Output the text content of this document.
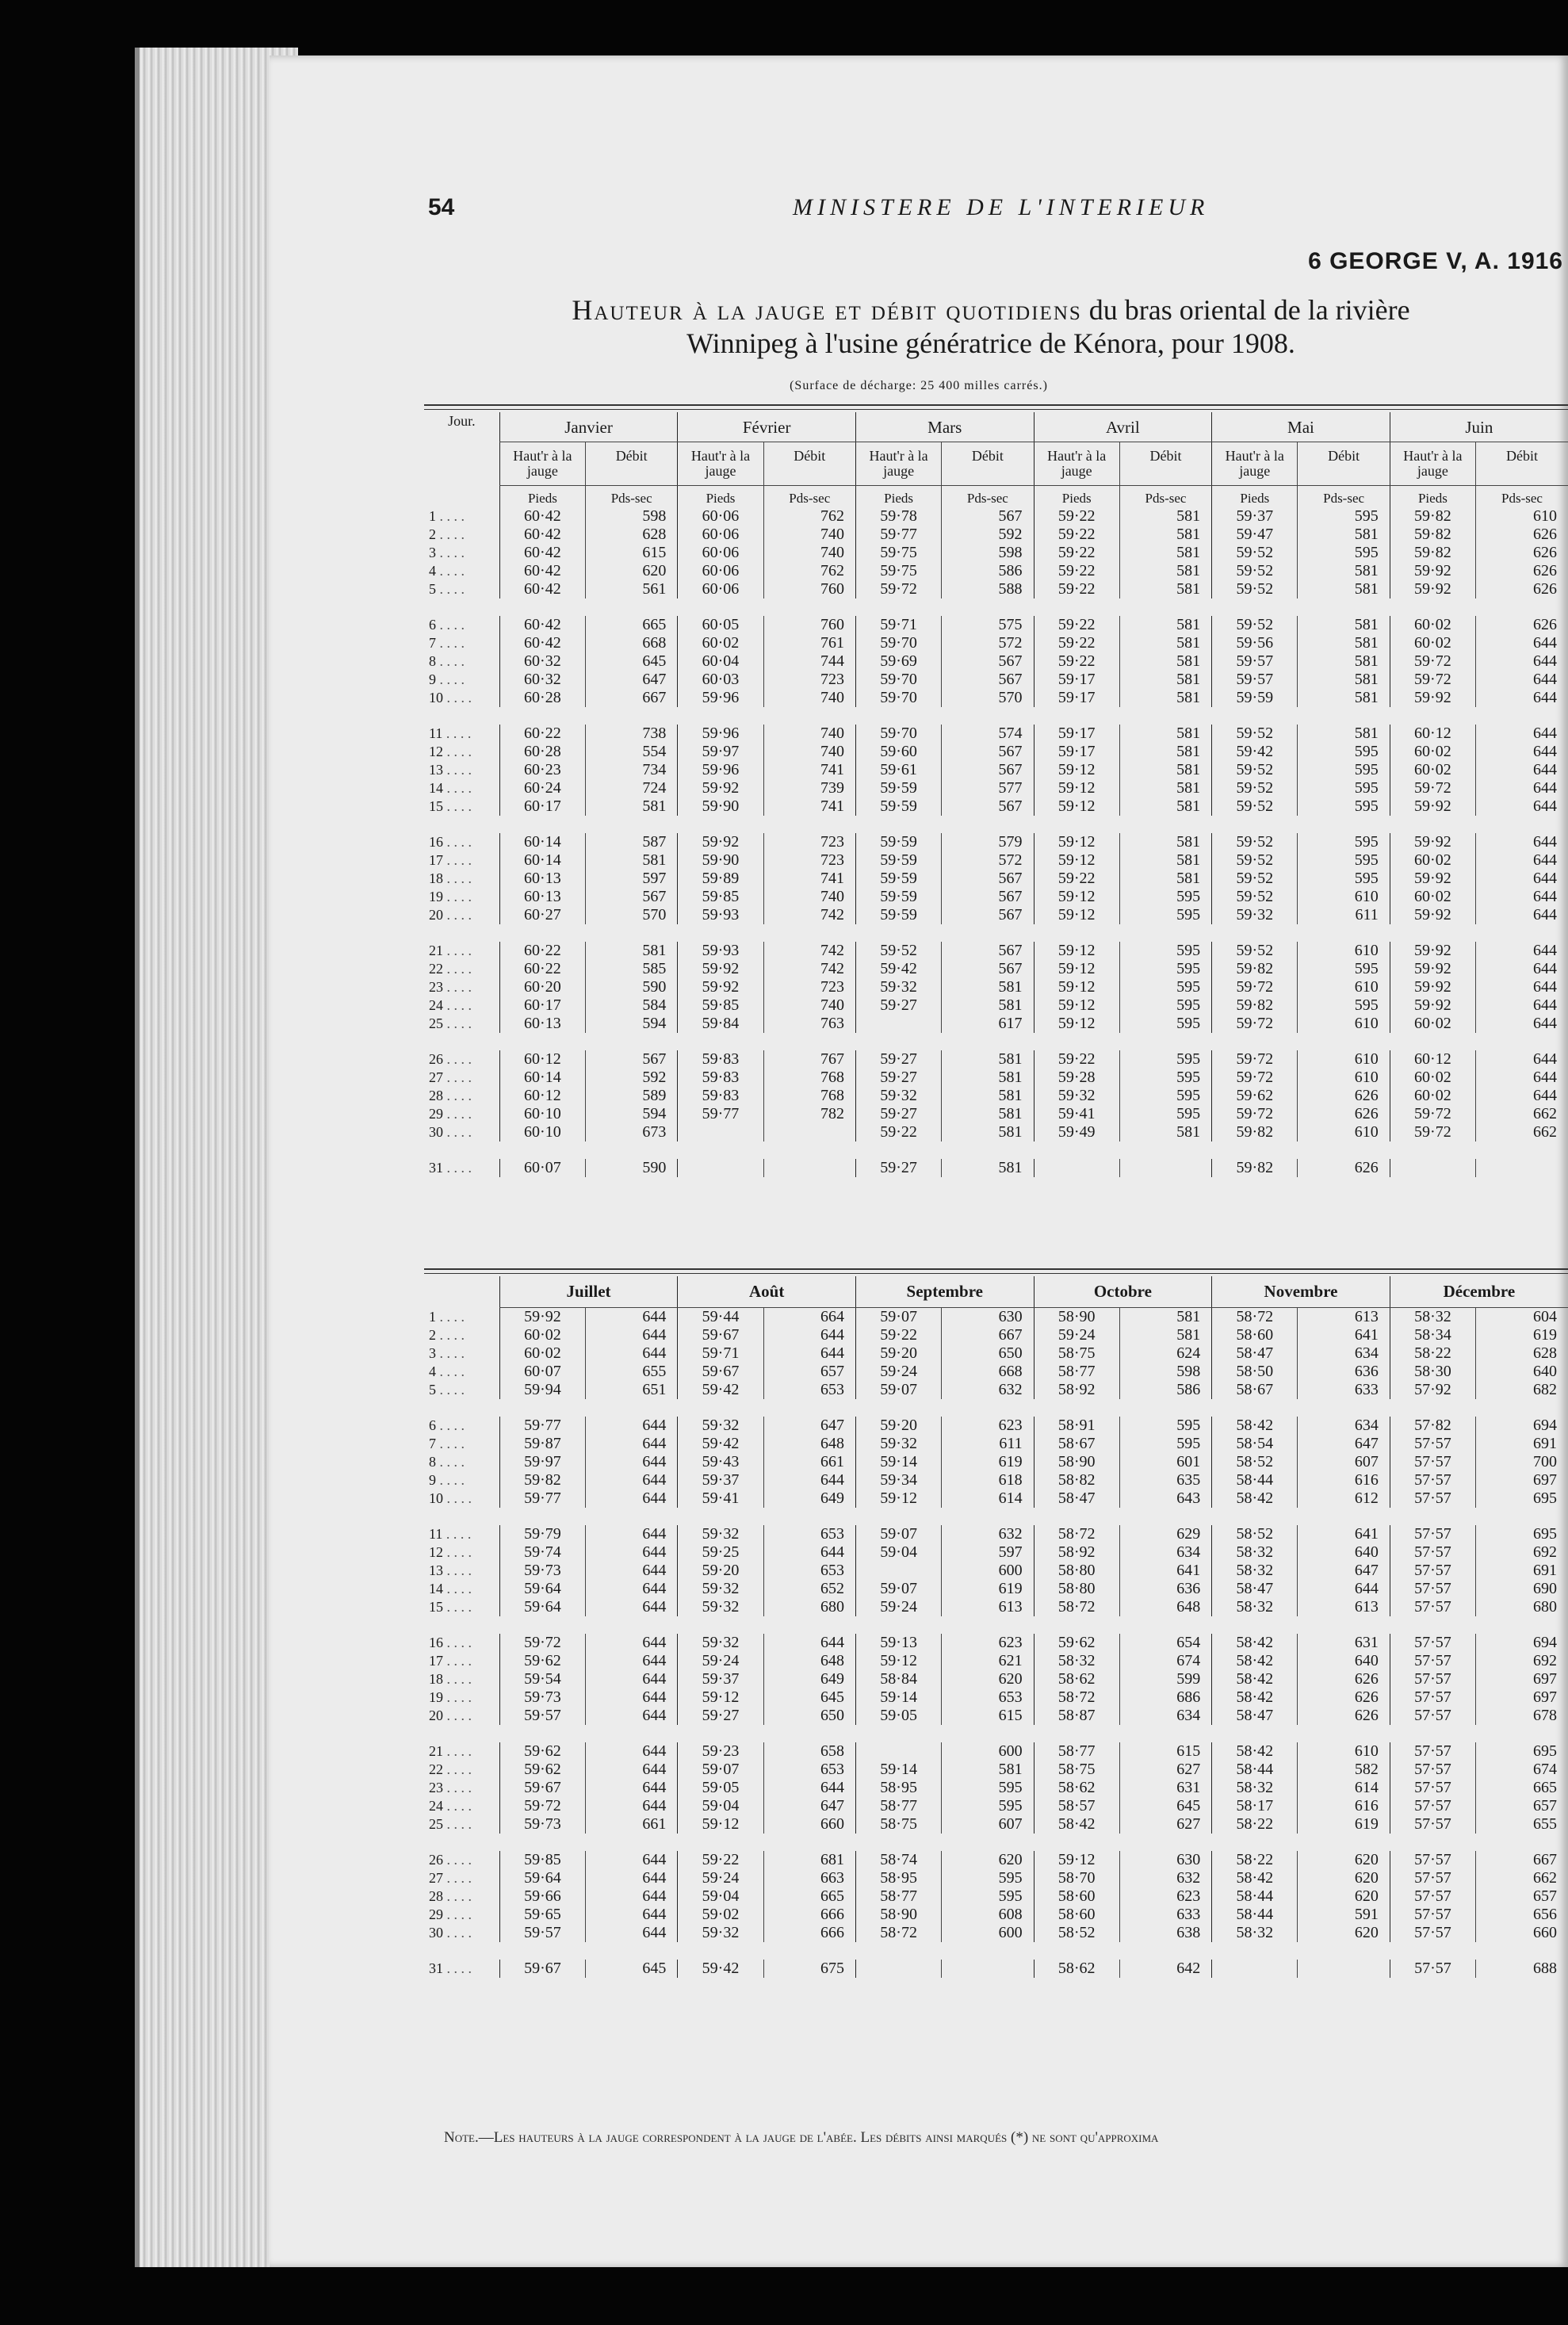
54	MINISTERE DE L'INTERIEUR
6 GEORGE V, A. 1916
Hauteur à la jauge et débit quotidiens du bras oriental de la rivière
Winnipeg à l'usine génératrice de Kénora, pour 1908.
(Surface de décharge: 25 400 milles carrés.)
Jour.	Janvier		Février		Mars		Avril		Mai		Juin	
	Haut'r à la jauge	Débit	Haut'r à la jauge	Débit	Haut'r à la jauge	Débit	Haut'r à la jauge	Débit	Haut'r à la jauge	Débit	Haut'r à la jauge	Débit
	Pieds	Pds-sec	Pieds	Pds-sec	Pieds	Pds-sec	Pieds	Pds-sec	Pieds	Pds-sec	Pieds	Pds-sec
1 . . . .	60·42	598	60·06	762	59·78	567	59·22	581	59·37	595	59·82	610
2 . . . .	60·42	628	60·06	740	59·77	592	59·22	581	59·47	581	59·82	626
3 . . . .	60·42	615	60·06	740	59·75	598	59·22	581	59·52	595	59·82	626
4 . . . .	60·42	620	60·06	762	59·75	586	59·22	581	59·52	581	59·92	626
5 . . . .	60·42	561	60·06	760	59·72	588	59·22	581	59·52	581	59·92	626

6 . . . .	60·42	665	60·05	760	59·71	575	59·22	581	59·52	581	60·02	626
7 . . . .	60·42	668	60·02	761	59·70	572	59·22	581	59·56	581	60·02	644
8 . . . .	60·32	645	60·04	744	59·69	567	59·22	581	59·57	581	59·72	644
9 . . . .	60·32	647	60·03	723	59·70	567	59·17	581	59·57	581	59·72	644
10 . . . .	60·28	667	59·96	740	59·70	570	59·17	581	59·59	581	59·92	644

11 . . . .	60·22	738	59·96	740	59·70	574	59·17	581	59·52	581	60·12	644
12 . . . .	60·28	554	59·97	740	59·60	567	59·17	581	59·42	595	60·02	644
13 . . . .	60·23	734	59·96	741	59·61	567	59·12	581	59·52	595	60·02	644
14 . . . .	60·24	724	59·92	739	59·59	577	59·12	581	59·52	595	59·72	644
15 . . . .	60·17	581	59·90	741	59·59	567	59·12	581	59·52	595	59·92	644

16 . . . .	60·14	587	59·92	723	59·59	579	59·12	581	59·52	595	59·92	644
17 . . . .	60·14	581	59·90	723	59·59	572	59·12	581	59·52	595	60·02	644
18 . . . .	60·13	597	59·89	741	59·59	567	59·22	581	59·52	595	59·92	644
19 . . . .	60·13	567	59·85	740	59·59	567	59·12	595	59·52	610	60·02	644
20 . . . .	60·27	570	59·93	742	59·59	567	59·12	595	59·32	611	59·92	644

21 . . . .	60·22	581	59·93	742	59·52	567	59·12	595	59·52	610	59·92	644
22 . . . .	60·22	585	59·92	742	59·42	567	59·12	595	59·82	595	59·92	644
23 . . . .	60·20	590	59·92	723	59·32	581	59·12	595	59·72	610	59·92	644
24 . . . .	60·17	584	59·85	740	59·27	581	59·12	595	59·82	595	59·92	644
25 . . . .	60·13	594	59·84	763		617	59·12	595	59·72	610	60·02	644

26 . . . .	60·12	567	59·83	767	59·27	581	59·22	595	59·72	610	60·12	644
27 . . . .	60·14	592	59·83	768	59·27	581	59·28	595	59·72	610	60·02	644
28 . . . .	60·12	589	59·83	768	59·32	581	59·32	595	59·62	626	60·02	644
29 . . . .	60·10	594	59·77	782	59·27	581	59·41	595	59·72	626	59·72	662
30 . . . .	60·10	673			59·22	581	59·49	581	59·82	610	59·72	662

31 . . . .	60·07	590			59·27	581			59·82	626		
	Juillet		Août		Septembre		Octobre		Novembre		Décembre	
1 . . . .	59·92	644	59·44	664	59·07	630	58·90	581	58·72	613	58·32	604
2 . . . .	60·02	644	59·67	644	59·22	667	59·24	581	58·60	641	58·34	619
3 . . . .	60·02	644	59·71	644	59·20	650	58·75	624	58·47	634	58·22	628
4 . . . .	60·07	655	59·67	657	59·24	668	58·77	598	58·50	636	58·30	640
5 . . . .	59·94	651	59·42	653	59·07	632	58·92	586	58·67	633	57·92	682

6 . . . .	59·77	644	59·32	647	59·20	623	58·91	595	58·42	634	57·82	694
7 . . . .	59·87	644	59·42	648	59·32	611	58·67	595	58·54	647	57·57	691
8 . . . .	59·97	644	59·43	661	59·14	619	58·90	601	58·52	607	57·57	700
9 . . . .	59·82	644	59·37	644	59·34	618	58·82	635	58·44	616	57·57	697
10 . . . .	59·77	644	59·41	649	59·12	614	58·47	643	58·42	612	57·57	695

11 . . . .	59·79	644	59·32	653	59·07	632	58·72	629	58·52	641	57·57	695
12 . . . .	59·74	644	59·25	644	59·04	597	58·92	634	58·32	640	57·57	692
13 . . . .	59·73	644	59·20	653		600	58·80	641	58·32	647	57·57	691
14 . . . .	59·64	644	59·32	652	59·07	619	58·80	636	58·47	644	57·57	690
15 . . . .	59·64	644	59·32	680	59·24	613	58·72	648	58·32	613	57·57	680

16 . . . .	59·72	644	59·32	644	59·13	623	59·62	654	58·42	631	57·57	694
17 . . . .	59·62	644	59·24	648	59·12	621	58·32	674	58·42	640	57·57	692
18 . . . .	59·54	644	59·37	649	58·84	620	58·62	599	58·42	626	57·57	697
19 . . . .	59·73	644	59·12	645	59·14	653	58·72	686	58·42	626	57·57	697
20 . . . .	59·57	644	59·27	650	59·05	615	58·87	634	58·47	626	57·57	678

21 . . . .	59·62	644	59·23	658		600	58·77	615	58·42	610	57·57	695
22 . . . .	59·62	644	59·07	653	59·14	581	58·75	627	58·44	582	57·57	674
23 . . . .	59·67	644	59·05	644	58·95	595	58·62	631	58·32	614	57·57	665
24 . . . .	59·72	644	59·04	647	58·77	595	58·57	645	58·17	616	57·57	657
25 . . . .	59·73	661	59·12	660	58·75	607	58·42	627	58·22	619	57·57	655

26 . . . .	59·85	644	59·22	681	58·74	620	59·12	630	58·22	620	57·57	667
27 . . . .	59·64	644	59·24	663	58·95	595	58·70	632	58·42	620	57·57	662
28 . . . .	59·66	644	59·04	665	58·77	595	58·60	623	58·44	620	57·57	657
29 . . . .	59·65	644	59·02	666	58·90	608	58·60	633	58·44	591	57·57	656
30 . . . .	59·57	644	59·32	666	58·72	600	58·52	638	58·32	620	57·57	660

31 . . . .	59·67	645	59·42	675			58·62	642			57·57	688
Note.—Les hauteurs à la jauge correspondent à la jauge de l'abée. Les débits ainsi marqués (*) ne sont qu'approxima
